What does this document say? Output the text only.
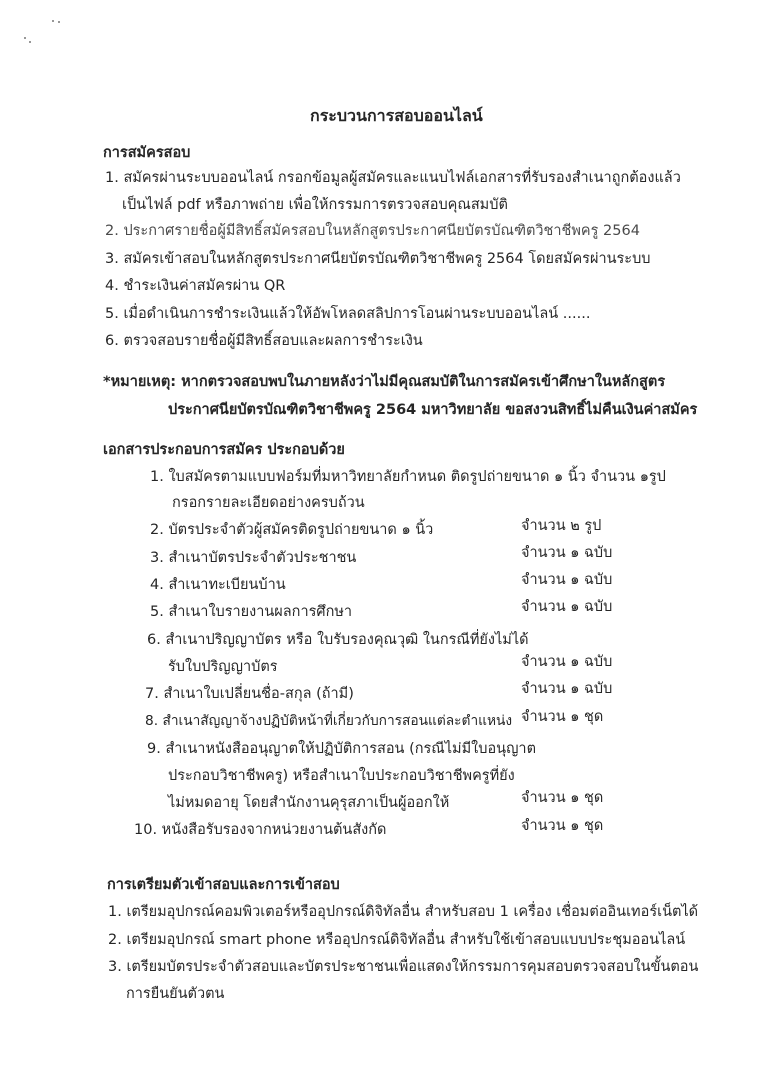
กระบวนการสอบออนไลน์
การสมัครสอบ
1. สมัครผ่านระบบออนไลน์ กรอกข้อมูลผู้สมัครและแนบไฟล์เอกสารที่รับรองสำเนาถูกต้องแล้ว
เป็นไฟล์ pdf หรือภาพถ่าย เพื่อให้กรรมการตรวจสอบคุณสมบัติ
2. ประกาศรายชื่อผู้มีสิทธิ์สมัครสอบในหลักสูตรประกาศนียบัตรบัณฑิตวิชาชีพครู 2564
3. สมัครเข้าสอบในหลักสูตรประกาศนียบัตรบัณฑิตวิชาชีพครู 2564 โดยสมัครผ่านระบบ
4. ชำระเงินค่าสมัครผ่าน QR
5. เมื่อดำเนินการชำระเงินแล้วให้อัพโหลดสลิปการโอนผ่านระบบออนไลน์ ......
6. ตรวจสอบรายชื่อผู้มีสิทธิ์สอบและผลการชำระเงิน
*หมายเหตุ: หากตรวจสอบพบในภายหลังว่าไม่มีคุณสมบัติในการสมัครเข้าศึกษาในหลักสูตร
ประกาศนียบัตรบัณฑิตวิชาชีพครู 2564 มหาวิทยาลัย ขอสงวนสิทธิ์ไม่คืนเงินค่าสมัคร
เอกสารประกอบการสมัคร ประกอบด้วย
1. ใบสมัครตามแบบฟอร์มที่มหาวิทยาลัยกำหนด ติดรูปถ่ายขนาด ๑ นิ้ว จำนวน ๑รูป
กรอกรายละเอียดอย่างครบถ้วน
2. บัตรประจำตัวผู้สมัครติดรูปถ่ายขนาด ๑ นิ้ว	จำนวน ๒ รูป
3. สำเนาบัตรประจำตัวประชาชน	จำนวน ๑ ฉบับ
4. สำเนาทะเบียนบ้าน	จำนวน ๑ ฉบับ
5. สำเนาใบรายงานผลการศึกษา	จำนวน ๑ ฉบับ
6. สำเนาปริญญาบัตร หรือ ใบรับรองคุณวุฒิ ในกรณีที่ยังไม่ได้
รับใบปริญญาบัตร	จำนวน ๑ ฉบับ
7. สำเนาใบเปลี่ยนชื่อ-สกุล (ถ้ามี)	จำนวน ๑ ฉบับ
8. สำเนาสัญญาจ้างปฏิบัติหน้าที่เกี่ยวกับการสอนแต่ละตำแหน่ง จำนวน ๑ ชุด
9. สำเนาหนังสืออนุญาตให้ปฏิบัติการสอน (กรณีไม่มีใบอนุญาต
ประกอบวิชาชีพครู) หรือสำเนาใบประกอบวิชาชีพครูที่ยัง
ไม่หมดอายุ โดยสำนักงานคุรุสภาเป็นผู้ออกให้	จำนวน ๑ ชุด
10. หนังสือรับรองจากหน่วยงานต้นสังกัด	จำนวน ๑ ชุด
การเตรียมตัวเข้าสอบและการเข้าสอบ
1. เตรียมอุปกรณ์คอมพิวเตอร์หรืออุปกรณ์ดิจิทัลอื่น สำหรับสอบ 1 เครื่อง เชื่อมต่ออินเทอร์เน็ตได้
2. เตรียมอุปกรณ์ smart phone หรืออุปกรณ์ดิจิทัลอื่น สำหรับใช้เข้าสอบแบบประชุมออนไลน์
3. เตรียมบัตรประจำตัวสอบและบัตรประชาชนเพื่อแสดงให้กรรมการคุมสอบตรวจสอบในขั้นตอน
การยืนยันตัวตน
